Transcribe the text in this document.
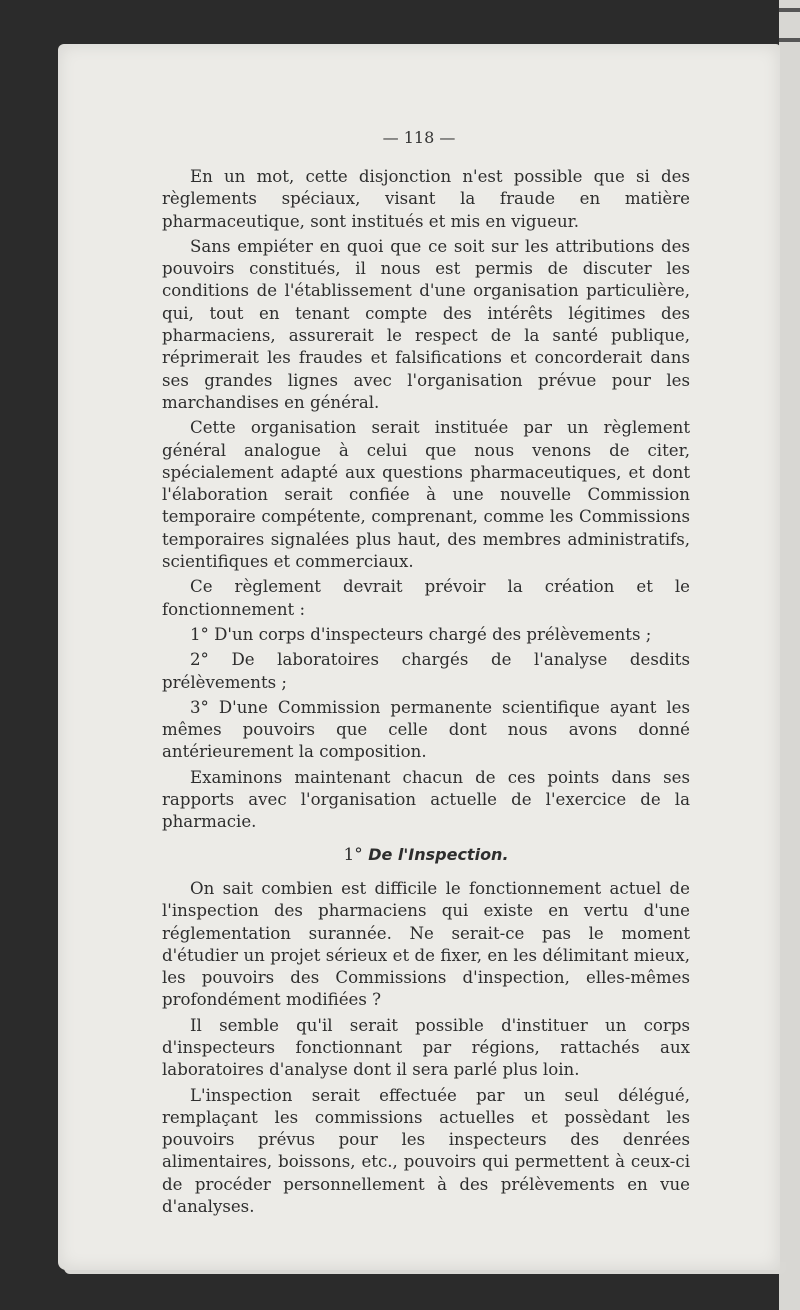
— 118 —

En un mot, cette disjonction n'est possible que si des règlements spéciaux, visant la fraude en matière pharmaceutique, sont institués et mis en vigueur.

Sans empiéter en quoi que ce soit sur les attributions des pouvoirs constitués, il nous est permis de discuter les conditions de l'établissement d'une organisation particulière, qui, tout en tenant compte des intérêts légitimes des pharmaciens, assurerait le respect de la santé publique, réprimerait les fraudes et falsifications et concorderait dans ses grandes lignes avec l'organisation prévue pour les marchandises en général.

Cette organisation serait instituée par un règlement général analogue à celui que nous venons de citer, spécialement adapté aux questions pharmaceutiques, et dont l'élaboration serait confiée à une nouvelle Commission temporaire compétente, comprenant, comme les Commissions temporaires signalées plus haut, des membres administratifs, scientifiques et commerciaux.

Ce règlement devrait prévoir la création et le fonctionnement :

1° D'un corps d'inspecteurs chargé des prélèvements ;

2° De laboratoires chargés de l'analyse desdits prélèvements ;

3° D'une Commission permanente scientifique ayant les mêmes pouvoirs que celle dont nous avons donné antérieurement la composition.

Examinons maintenant chacun de ces points dans ses rapports avec l'organisation actuelle de l'exercice de la pharmacie.

1° De l'Inspection.

On sait combien est difficile le fonctionnement actuel de l'inspection des pharmaciens qui existe en vertu d'une réglementation surannée. Ne serait-ce pas le moment d'étudier un projet sérieux et de fixer, en les délimitant mieux, les pouvoirs des Commissions d'inspection, elles-mêmes profondément modifiées ?

Il semble qu'il serait possible d'instituer un corps d'inspecteurs fonctionnant par régions, rattachés aux laboratoires d'analyse dont il sera parlé plus loin.

L'inspection serait effectuée par un seul délégué, remplaçant les commissions actuelles et possèdant les pouvoirs prévus pour les inspecteurs des denrées alimentaires, boissons, etc., pouvoirs qui permettent à ceux-ci de procéder personnellement à des prélèvements en vue d'analyses.
